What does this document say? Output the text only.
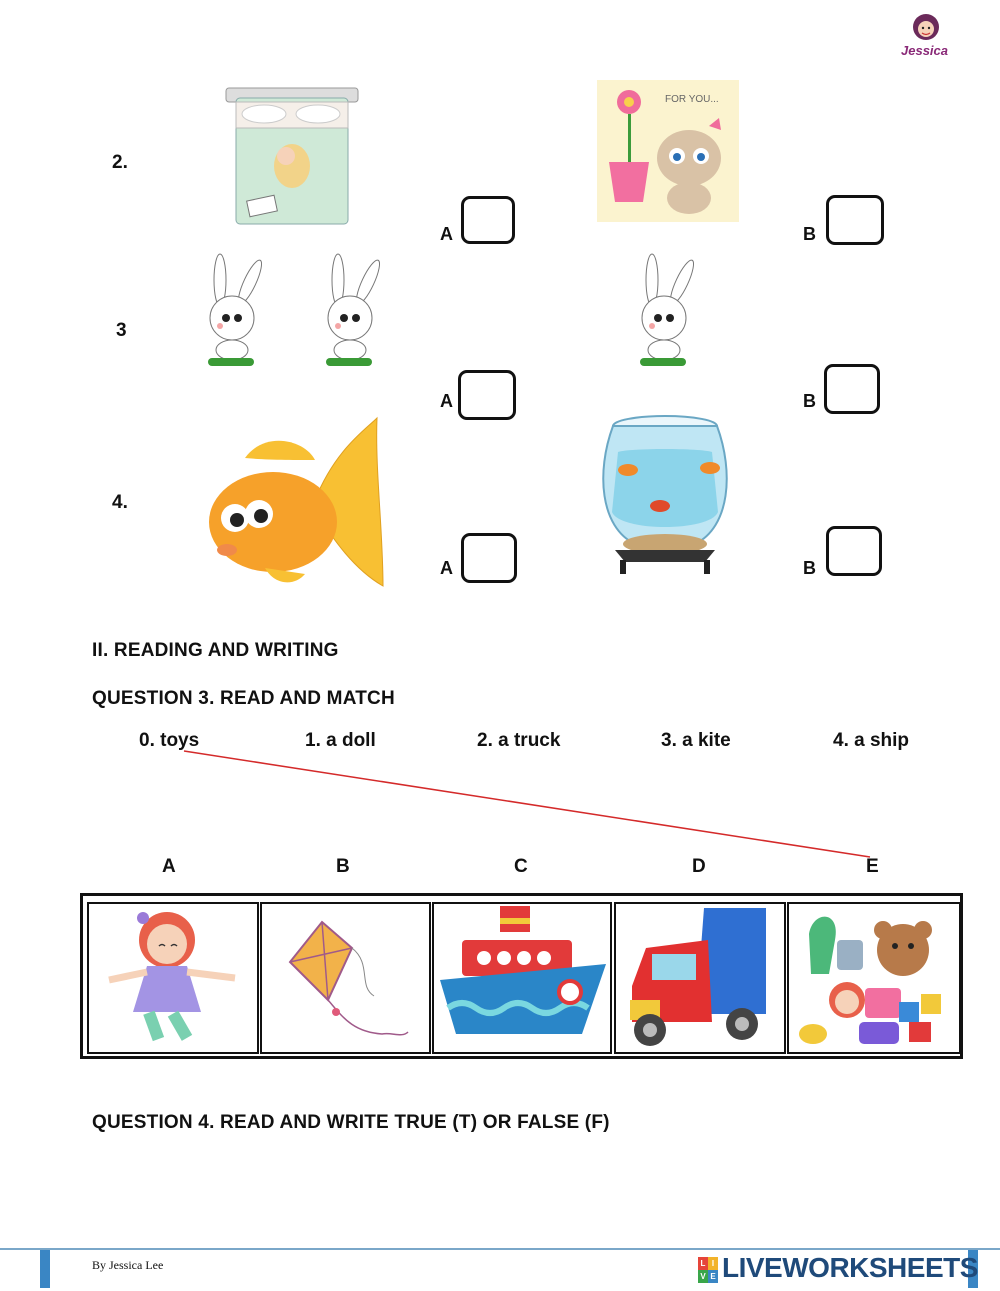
Jessica
2.
A
FOR YOU...
B
3
A	B
4.
A	B
II. READING AND WRITING
QUESTION 3. READ AND MATCH
0. toys	1. a doll	2. a truck	3. a kite	4. a ship
A	B	C	D	E
QUESTION 4. READ AND WRITE TRUE (T) OR FALSE (F)
By Jessica Lee	L I
V E LIVEWORKSHEETS
